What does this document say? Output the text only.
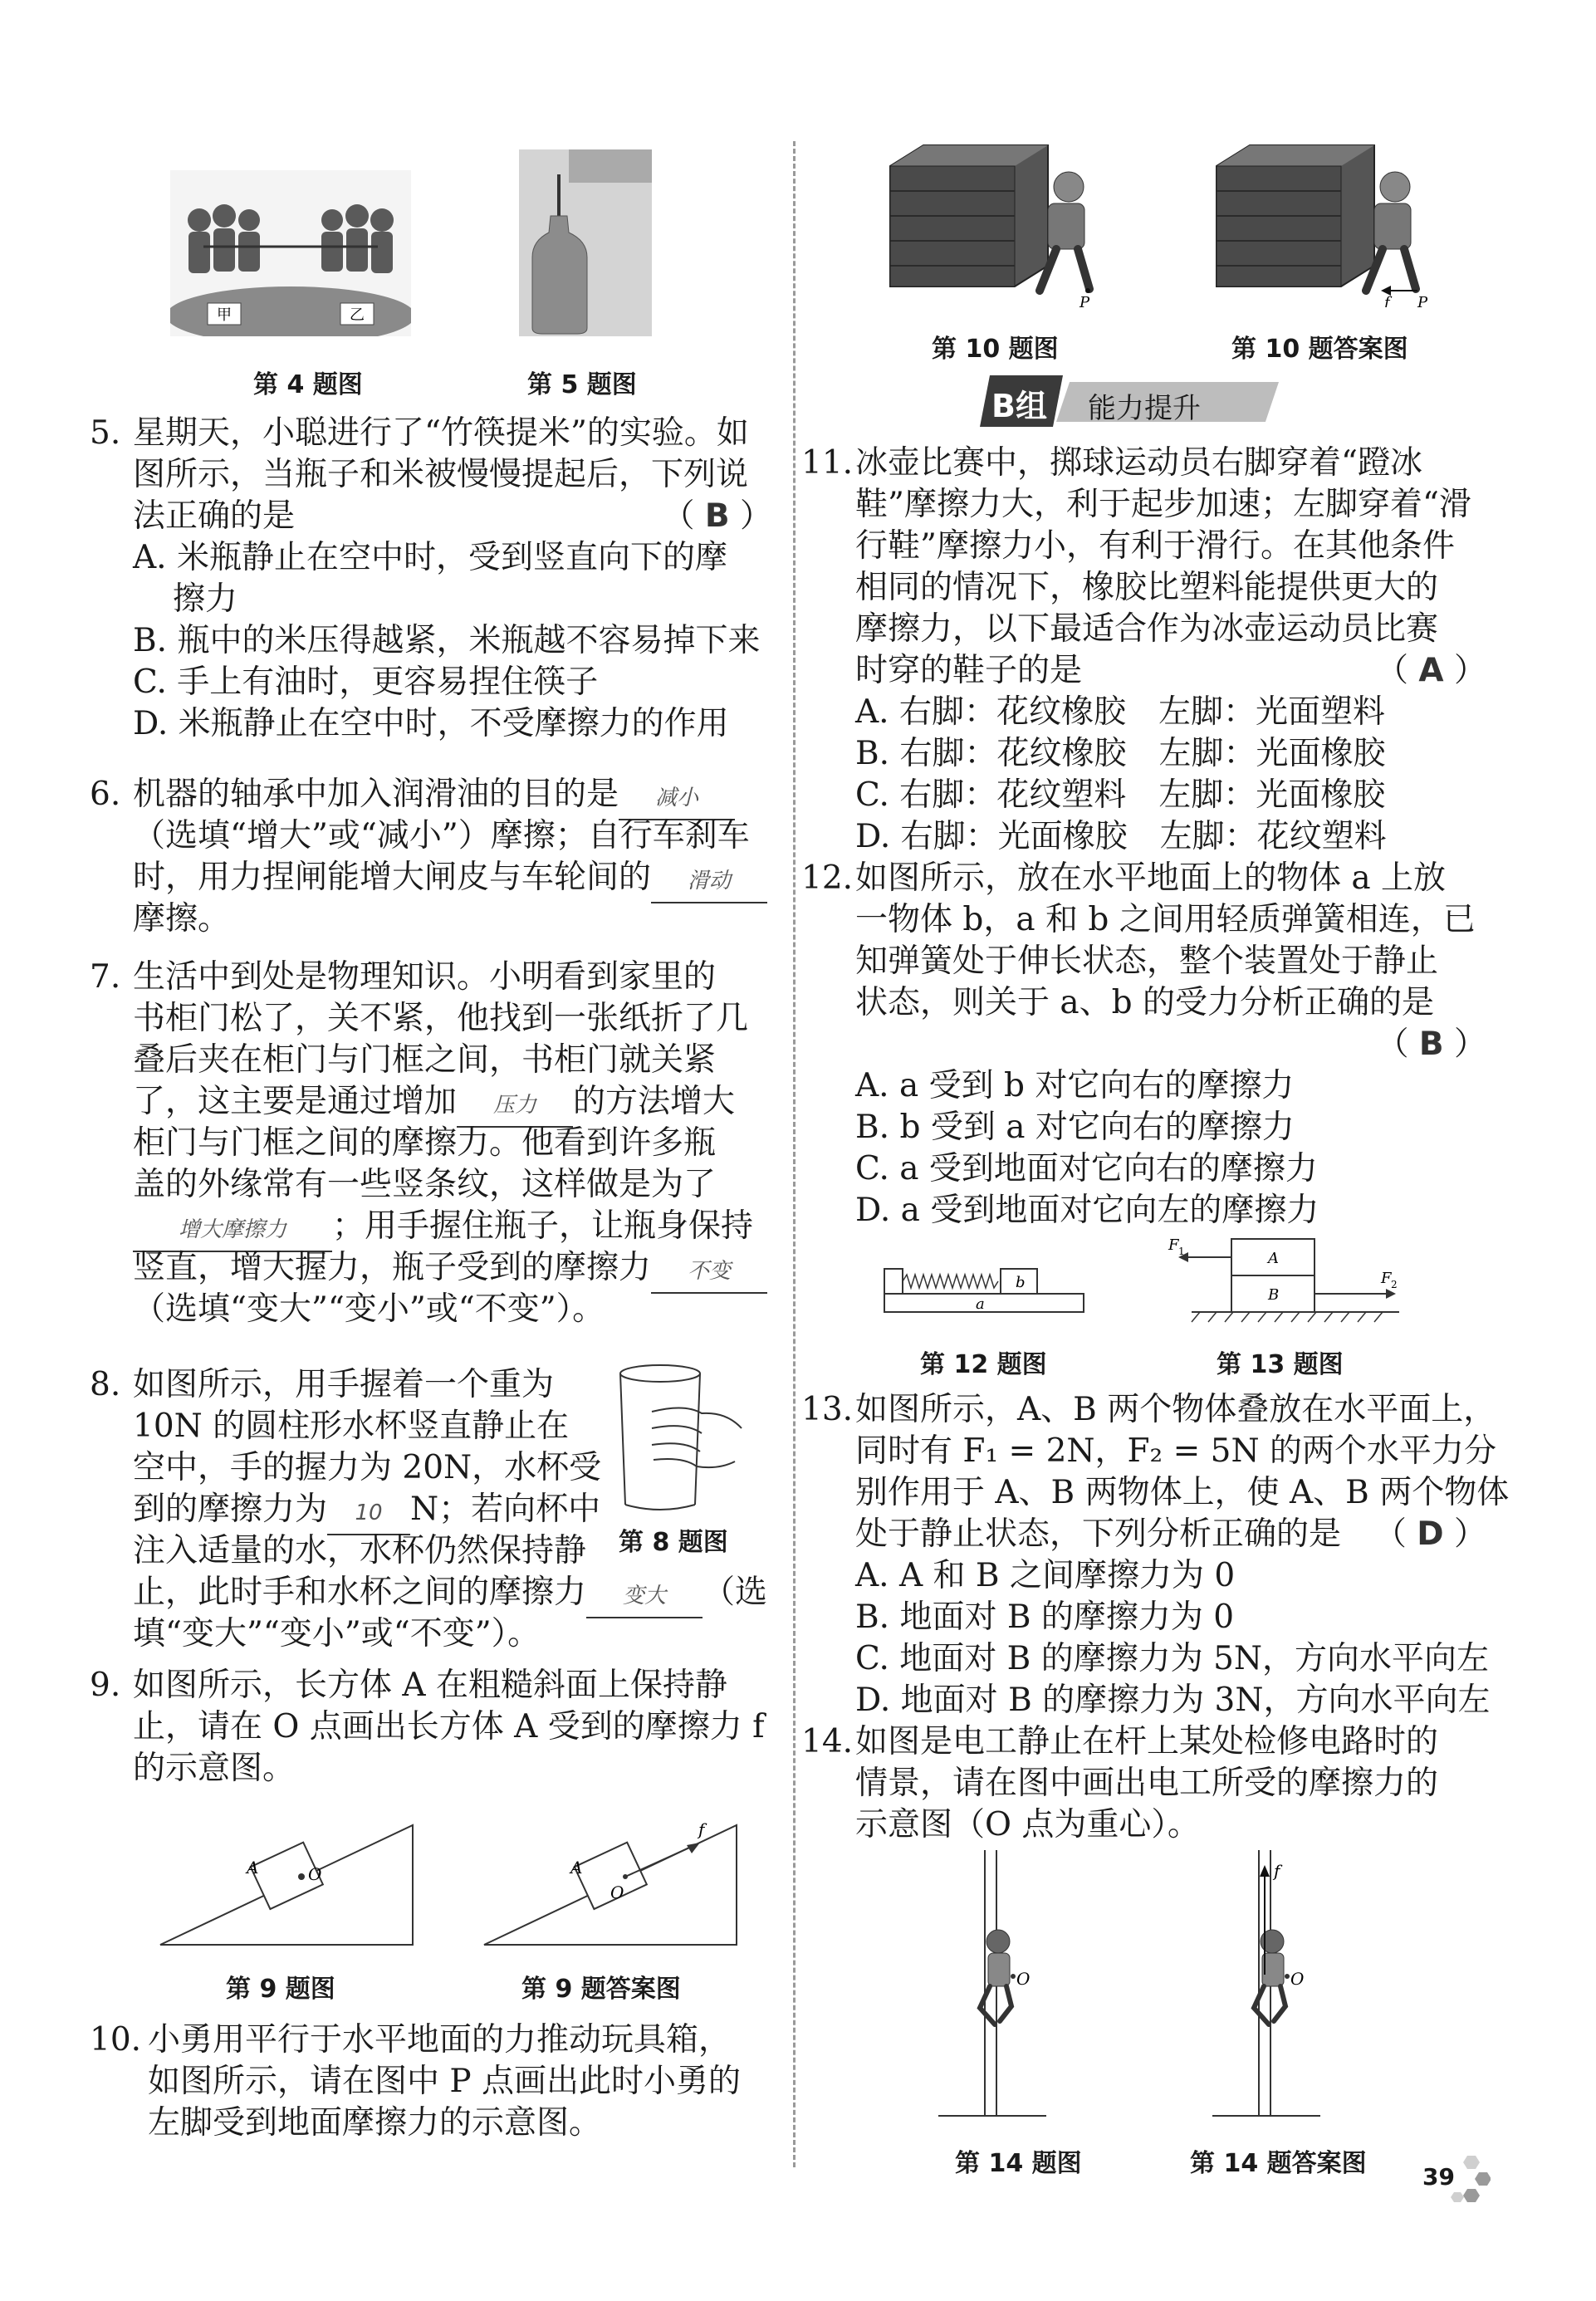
甲	乙
第 4 题图	第 5 题图
5. 星期天，小聪进行了“竹筷提米”的实验。如
图所示，当瓶子和米被慢慢提起后，下列说
法正确的是	（ B ）
A. 米瓶静止在空中时，受到竖直向下的摩
擦力
B. 瓶中的米压得越紧，米瓶越不容易掉下来
C. 手上有油时，更容易捏住筷子
D. 米瓶静止在空中时，不受摩擦力的作用
6. 机器的轴承中加入润滑油的目的是 减小
（选填“增大”或“减小”）摩擦；自行车刹车
时，用力捏闸能增大闸皮与车轮间的 滑动
摩擦。
7. 生活中到处是物理知识。小明看到家里的
书柜门松了，关不紧，他找到一张纸折了几
叠后夹在柜门与门框之间，书柜门就关紧
了，这主要是通过增加 压力 的方法增大
柜门与门框之间的摩擦力。他看到许多瓶
盖的外缘常有一些竖条纹，这样做是为了
增大摩擦力 ；用手握住瓶子，让瓶身保持
竖直，增大握力，瓶子受到的摩擦力 不变
（选填“变大”“变小”或“不变”）。
第 8 题图
8. 如图所示，用手握着一个重为
10N 的圆柱形水杯竖直静止在
空中，手的握力为 20N，水杯受
到的摩擦力为 10 N；若向杯中
注入适量的水，水杯仍然保持静
止，此时手和水杯之间的摩擦力 变大 （选
填“变大”“变小”或“不变”）。
9. 如图所示，长方体 A 在粗糙斜面上保持静
止，请在 O 点画出长方体 A 受到的摩擦力 f
的示意图。
A	O
第 9 题图
A
O
f
第 9 题答案图
10. 小勇用平行于水平地面的力推动玩具箱，
如图所示，请在图中 P 点画出此时小勇的
左脚受到地面摩擦力的示意图。
P
第 10 题图
f P
第 10 题答案图
B组 能力提升
11. 冰壶比赛中，掷球运动员右脚穿着“蹬冰
鞋”摩擦力大，利于起步加速；左脚穿着“滑
行鞋”摩擦力小，有利于滑行。在其他条件
相同的情况下，橡胶比塑料能提供更大的
摩擦力，以下最适合作为冰壶运动员比赛
时穿的鞋子的是	（ A ）
A. 右脚：花纹橡胶　左脚：光面塑料
B. 右脚：花纹橡胶　左脚：光面橡胶
C. 右脚：花纹塑料　左脚：光面橡胶
D. 右脚：光面橡胶　左脚：花纹塑料
12. 如图所示，放在水平地面上的物体 a 上放
一物体 b，a 和 b 之间用轻质弹簧相连，已
知弹簧处于伸长状态，整个装置处于静止
状态，则关于 a、b 的受力分析正确的是
（ B ）
A. a 受到 b 对它向右的摩擦力
B. b 受到 a 对它向右的摩擦力
C. a 受到地面对它向右的摩擦力
D. a 受到地面对它向左的摩擦力
b
a
第 12 题图
A
B
F 1
F 2
第 13 题图
13. 如图所示，A、B 两个物体叠放在水平面上，
同时有 F₁ = 2N，F₂ = 5N 的两个水平力分
别作用于 A、B 两物体上，使 A、B 两个物体
处于静止状态，下列分析正确的是 （ D ）
A. A 和 B 之间摩擦力为 0
B. 地面对 B 的摩擦力为 0
C. 地面对 B 的摩擦力为 5N，方向水平向左
D. 地面对 B 的摩擦力为 3N，方向水平向左
14. 如图是电工静止在杆上某处检修电路时的
情景，请在图中画出电工所受的摩擦力的
示意图（O 点为重心）。
O
第 14 题图
f
O
第 14 题答案图 39
